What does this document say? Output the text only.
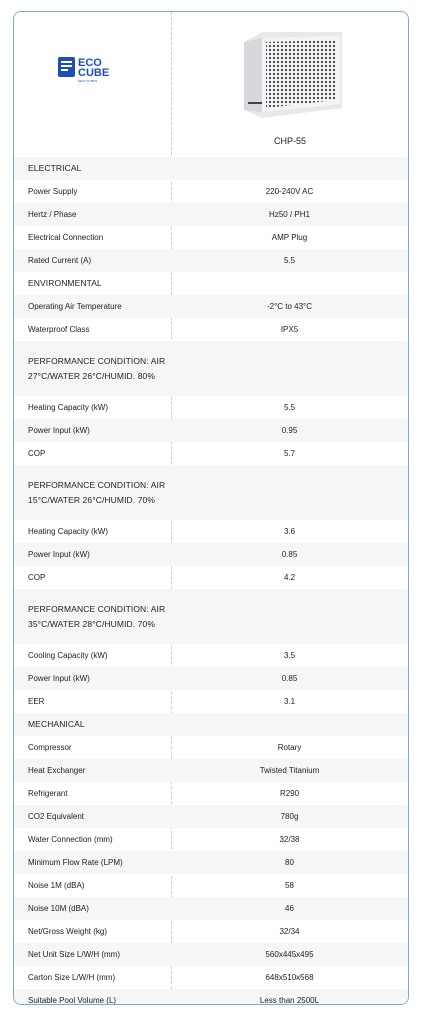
ECO
CUBE
HEAT PUMPS
CHP-55
ELECTRICAL
Power Supply	220-240V AC
Hertz / Phase	Hz50 / PH1
Electrical Connection	AMP Plug
Rated Current (A)	5.5
ENVIRONMENTAL
Operating Air Temperature	-2°C to 43°C
Waterproof Class	IPX5
PERFORMANCE CONDITION: AIR 27°C/WATER 26°C/HUMID. 80%
Heating Capacity (kW)	5.5
Power Input (kW)	0.95
COP	5.7
PERFORMANCE CONDITION: AIR 15°C/WATER 26°C/HUMID. 70%
Heating Capacity (kW)	3.6
Power Input (kW)	0.85
COP	4.2
PERFORMANCE CONDITION: AIR 35°C/WATER 28°C/HUMID. 70%
Cooling Capacity (kW)	3.5
Power Input (kW)	0.85
EER	3.1
MECHANICAL
Compressor	Rotary
Heat Exchanger	Twisted Titanium
Refrigerant	R290
CO2 Equivalent	780g
Water Connection (mm)	32/38
Minimum Flow Rate (LPM)	80
Noise 1M (dBA)	58
Noise 10M (dBA)	46
Net/Gross Weight (kg)	32/34
Net Unit Size L/W/H (mm)	560x445x495
Carton Size L/W/H (mm)	648x510x568
Suitable Pool Volume (L)	Less than 2500L
